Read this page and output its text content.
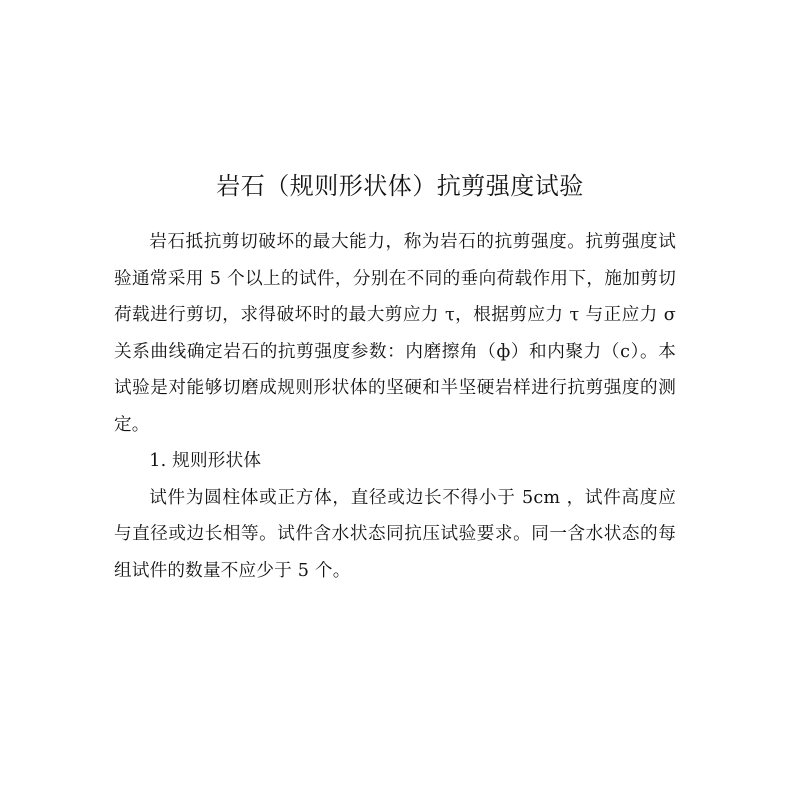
岩石（规则形状体）抗剪强度试验

岩石抵抗剪切破坏的最大能力，称为岩石的抗剪强度。抗剪强度试验通常采用 5 个以上的试件，分别在不同的垂向荷载作用下，施加剪切荷载进行剪切，求得破坏时的最大剪应力 τ，根据剪应力 τ 与正应力 σ 关系曲线确定岩石的抗剪强度参数：内磨擦角（ф）和内聚力（c）。本试验是对能够切磨成规则形状体的坚硬和半坚硬岩样进行抗剪强度的测定。

1. 规则形状体

试件为圆柱体或正方体，直径或边长不得小于 5cm ，试件高度应与直径或边长相等。试件含水状态同抗压试验要求。同一含水状态的每组试件的数量不应少于 5 个。
